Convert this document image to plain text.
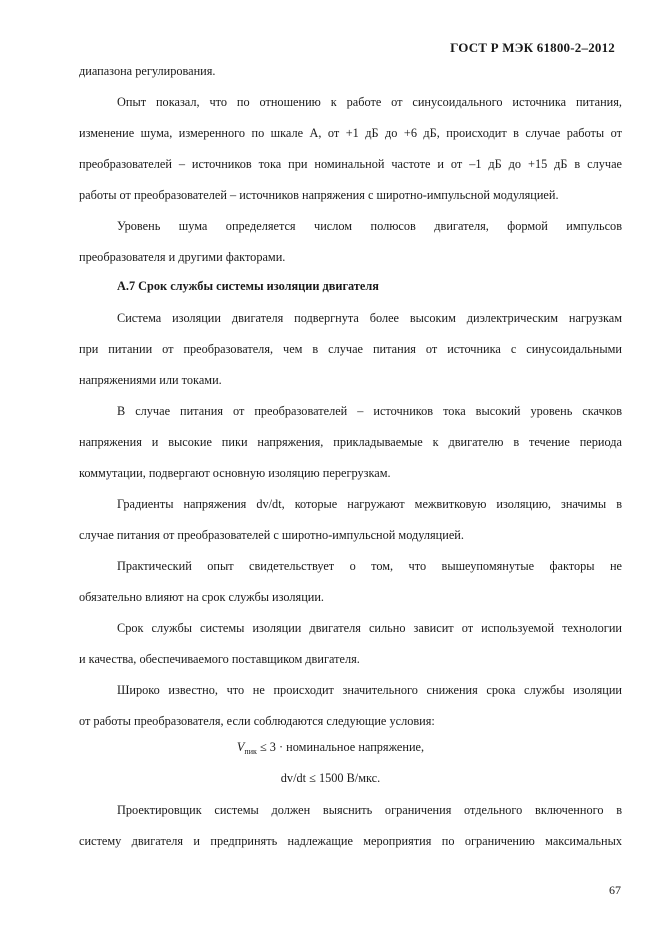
ГОСТ Р МЭК 61800-2–2012
диапазона регулирования.
Опыт показал, что по отношению к работе от синусоидального источника питания,
изменение шума, измеренного по шкале А, от +1 дБ до +6 дБ, происходит в случае работы от
преобразователей – источников тока при номинальной частоте и от –1 дБ до +15 дБ в случае
работы от преобразователей – источников напряжения с широтно-импульсной модуляцией.
Уровень шума определяется числом полюсов двигателя, формой импульсов
преобразователя и другими факторами.
А.7 Срок службы системы изоляции двигателя
Система изоляции двигателя подвергнута более высоким диэлектрическим нагрузкам
при питании от преобразователя, чем в случае питания от источника с синусоидальными
напряжениями или токами.
В случае питания от преобразователей – источников тока высокий уровень скачков
напряжения и высокие пики напряжения, прикладываемые к двигателю в течение периода
коммутации, подвергают основную изоляцию перегрузкам.
Градиенты напряжения dv/dt, которые нагружают межвитковую изоляцию, значимы в
случае питания от преобразователей с широтно-импульсной модуляцией.
Практический опыт свидетельствует о том, что вышеупомянутые факторы не
обязательно влияют на срок службы изоляции.
Срок службы системы изоляции двигателя сильно зависит от используемой технологии
и качества, обеспечиваемого поставщиком двигателя.
Широко известно, что не происходит значительного снижения срока службы изоляции
от работы преобразователя, если соблюдаются следующие условия:
$V_{пик} \le 3$ · номинальное напряжение,
dv/dt ≤ 1500 В/мкс.
Проектировщик системы должен выяснить ограничения отдельного включенного в
систему двигателя и предпринять надлежащие мероприятия по ограничению максимальных
67
